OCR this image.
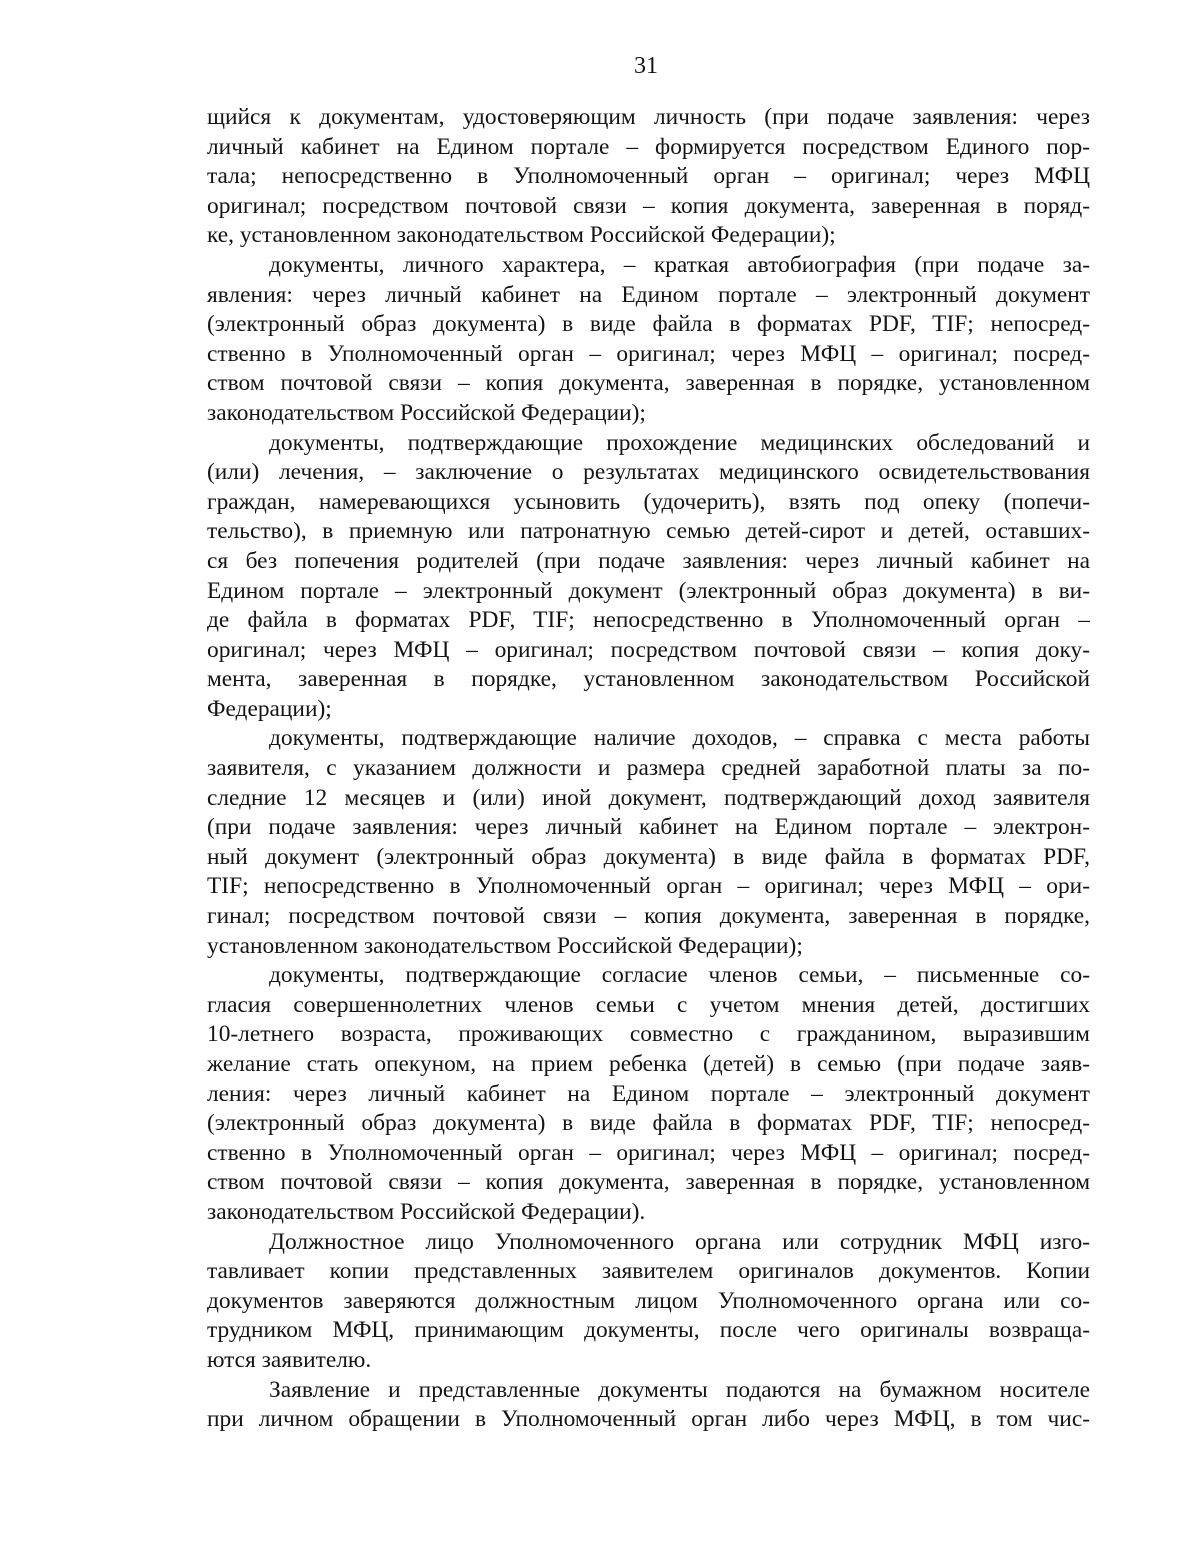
31
щийся к документам, удостоверяющим личность (при подаче заявления: через
личный кабинет на Едином портале – формируется посредством Единого пор-
тала; непосредственно в Уполномоченный орган – оригинал; через МФЦ
оригинал; посредством почтовой связи – копия документа, заверенная в поряд-
ке, установленном законодательством Российской Федерации);
документы, личного характера, – краткая автобиография (при подаче за-
явления: через личный кабинет на Едином портале – электронный документ
(электронный образ документа) в виде файла в форматах PDF, TIF; непосред-
ственно в Уполномоченный орган – оригинал; через МФЦ – оригинал; посред-
ством почтовой связи – копия документа, заверенная в порядке, установленном
законодательством Российской Федерации);
документы, подтверждающие прохождение медицинских обследований и
(или) лечения, – заключение о результатах медицинского освидетельствования
граждан, намеревающихся усыновить (удочерить), взять под опеку (попечи-
тельство), в приемную или патронатную семью детей-сирот и детей, оставших-
ся без попечения родителей (при подаче заявления: через личный кабинет на
Едином портале – электронный документ (электронный образ документа) в ви-
де файла в форматах PDF, TIF; непосредственно в Уполномоченный орган –
оригинал; через МФЦ – оригинал; посредством почтовой связи – копия доку-
мента, заверенная в порядке, установленном законодательством Российской
Федерации);
документы, подтверждающие наличие доходов, – справка с места работы
заявителя, с указанием должности и размера средней заработной платы за по-
следние 12 месяцев и (или) иной документ, подтверждающий доход заявителя
(при подаче заявления: через личный кабинет на Едином портале – электрон-
ный документ (электронный образ документа) в виде файла в форматах PDF,
TIF; непосредственно в Уполномоченный орган – оригинал; через МФЦ – ори-
гинал; посредством почтовой связи – копия документа, заверенная в порядке,
установленном законодательством Российской Федерации);
документы, подтверждающие согласие членов семьи, – письменные со-
гласия совершеннолетних членов семьи с учетом мнения детей, достигших
10-летнего возраста, проживающих совместно с гражданином, выразившим
желание стать опекуном, на прием ребенка (детей) в семью (при подаче заяв-
ления: через личный кабинет на Едином портале – электронный документ
(электронный образ документа) в виде файла в форматах PDF, TIF; непосред-
ственно в Уполномоченный орган – оригинал; через МФЦ – оригинал; посред-
ством почтовой связи – копия документа, заверенная в порядке, установленном
законодательством Российской Федерации).
Должностное лицо Уполномоченного органа или сотрудник МФЦ изго-
тавливает копии представленных заявителем оригиналов документов. Копии
документов заверяются должностным лицом Уполномоченного органа или со-
трудником МФЦ, принимающим документы, после чего оригиналы возвраща-
ются заявителю.
Заявление и представленные документы подаются на бумажном носителе
при личном обращении в Уполномоченный орган либо через МФЦ, в том чис-
